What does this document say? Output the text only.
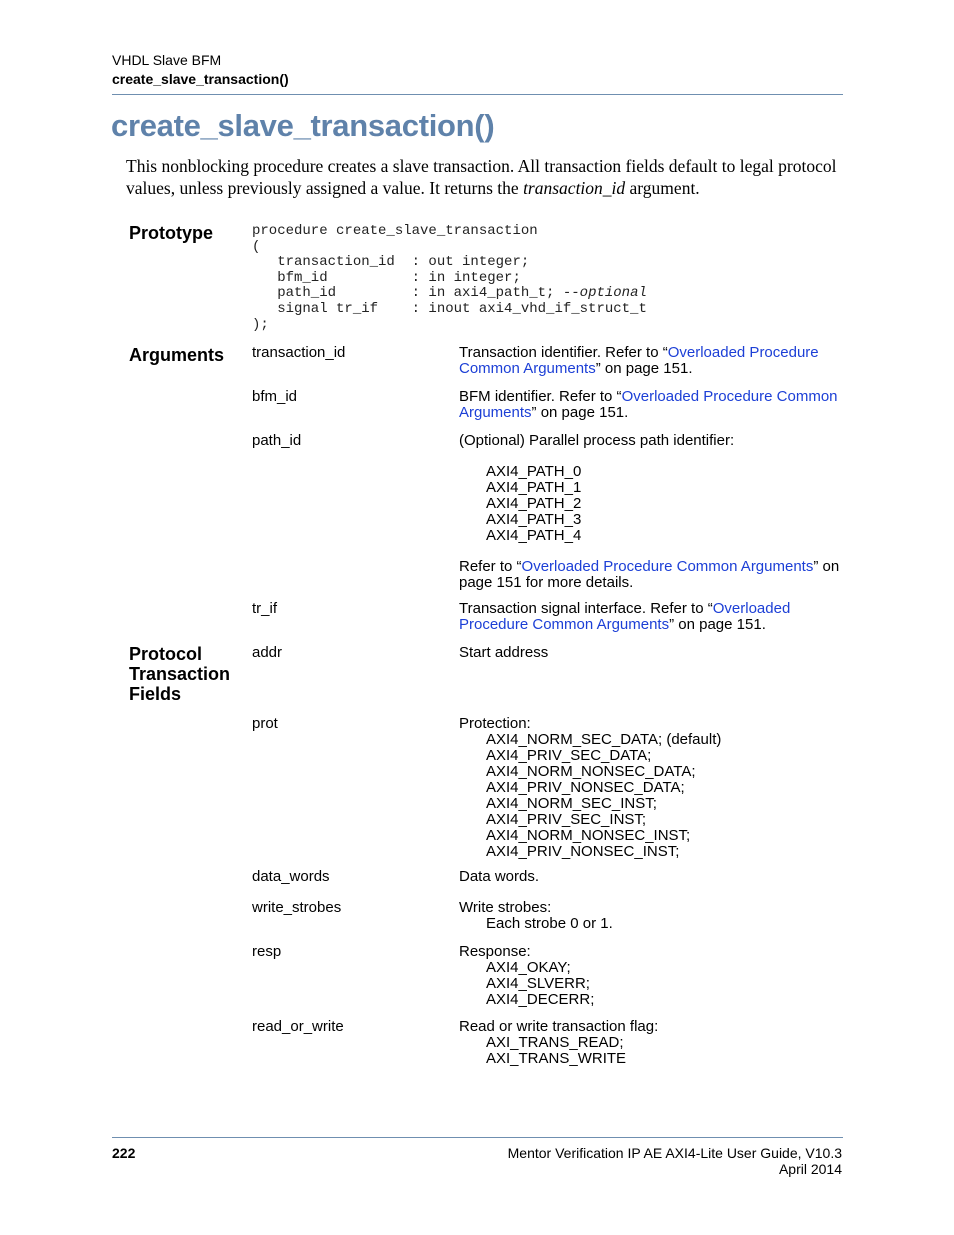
VHDL Slave BFM
create_slave_transaction()
create_slave_transaction()
This nonblocking procedure creates a slave transaction. All transaction fields default to legal protocol values, unless previously assigned a value. It returns the transaction_id argument.
Prototype	procedure create_slave_transaction
(
transaction_id  : out integer;
bfm_id          : in integer;
path_id         : in axi4_path_t; --optional
signal tr_if    : inout axi4_vhd_if_struct_t
);
Arguments transaction_id	Transaction identifier. Refer to “Overloaded Procedure Common Arguments” on page 151.
bfm_id	BFM identifier. Refer to “Overloaded Procedure Common Arguments” on page 151.
path_id	(Optional) Parallel process path identifier:
AXI4_PATH_0
AXI4_PATH_1
AXI4_PATH_2
AXI4_PATH_3
AXI4_PATH_4
Refer to “Overloaded Procedure Common Arguments” on page 151 for more details.
tr_if	Transaction signal interface. Refer to “Overloaded Procedure Common Arguments” on page 151.
Protocol
Transaction
Fields
addr	Start address
prot	Protection:
AXI4_NORM_SEC_DATA; (default)
AXI4_PRIV_SEC_DATA;
AXI4_NORM_NONSEC_DATA;
AXI4_PRIV_NONSEC_DATA;
AXI4_NORM_SEC_INST;
AXI4_PRIV_SEC_INST;
AXI4_NORM_NONSEC_INST;
AXI4_PRIV_NONSEC_INST;
data_words	Data words.
write_strobes	Write strobes:
Each strobe 0 or 1.
resp	Response:
AXI4_OKAY;
AXI4_SLVERR;
AXI4_DECERR;
read_or_write	Read or write transaction flag:
AXI_TRANS_READ;
AXI_TRANS_WRITE
222	Mentor Verification IP AE AXI4-Lite User Guide, V10.3
April 2014
